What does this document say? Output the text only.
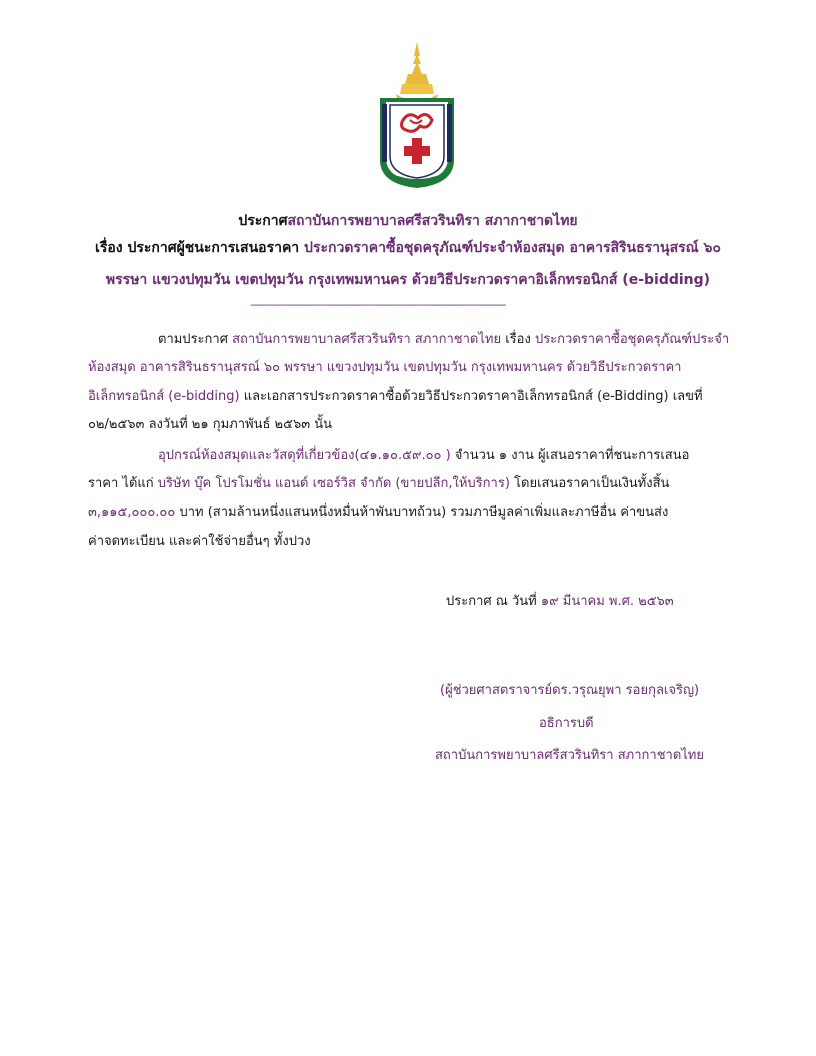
ประกาศสถาบันการพยาบาลศรีสวรินทิรา สภากาชาดไทย
เรื่อง ประกาศผู้ชนะการเสนอราคา ประกวดราคาซื้อชุดครุภัณฑ์ประจำห้องสมุด อาคารสิรินธรานุสรณ์ ๖๐
พรรษา แขวงปทุมวัน เขตปทุมวัน กรุงเทพมหานคร ด้วยวิธีประกวดราคาอิเล็กทรอนิกส์ (e-bidding)
--------------------------------------------------------------------------------------
ตามประกาศ สถาบันการพยาบาลศรีสวรินทิรา สภากาชาดไทย เรื่อง ประกวดราคาซื้อชุดครุภัณฑ์ประจำ
ห้องสมุด อาคารสิรินธรานุสรณ์ ๖๐ พรรษา แขวงปทุมวัน เขตปทุมวัน กรุงเทพมหานคร ด้วยวิธีประกวดราคา
อิเล็กทรอนิกส์ (e-bidding) และเอกสารประกวดราคาซื้อด้วยวิธีประกวดราคาอิเล็กทรอนิกส์ (e-Bidding) เลขที่
๐๒/๒๕๖๓ ลงวันที่ ๒๑ กุมภาพันธ์ ๒๕๖๓ นั้น
อุปกรณ์ห้องสมุดและวัสดุที่เกี่ยวข้อง(๔๑.๑๐.๕๙.๐๐ ) จำนวน ๑ งาน ผู้เสนอราคาที่ชนะการเสนอ
ราคา ได้แก่ บริษัท บุ๊ค โปรโมชั่น แอนด์ เซอร์วิส จำกัด (ขายปลีก,ให้บริการ) โดยเสนอราคาเป็นเงินทั้งสิ้น
๓,๑๑๕,๐๐๐.๐๐ บาท (สามล้านหนึ่งแสนหนึ่งหมื่นห้าพันบาทถ้วน) รวมภาษีมูลค่าเพิ่มและภาษีอื่น ค่าขนส่ง
ค่าจดทะเบียน และค่าใช้จ่ายอื่นๆ ทั้งปวง
ประกาศ ณ วันที่ ๑๙ มีนาคม พ.ศ. ๒๕๖๓
(ผู้ช่วยศาสตราจารย์ดร.วรุณยุพา รอยกุลเจริญ)
อธิการบดี
สถาบันการพยาบาลศรีสวรินทิรา สภากาชาดไทย
